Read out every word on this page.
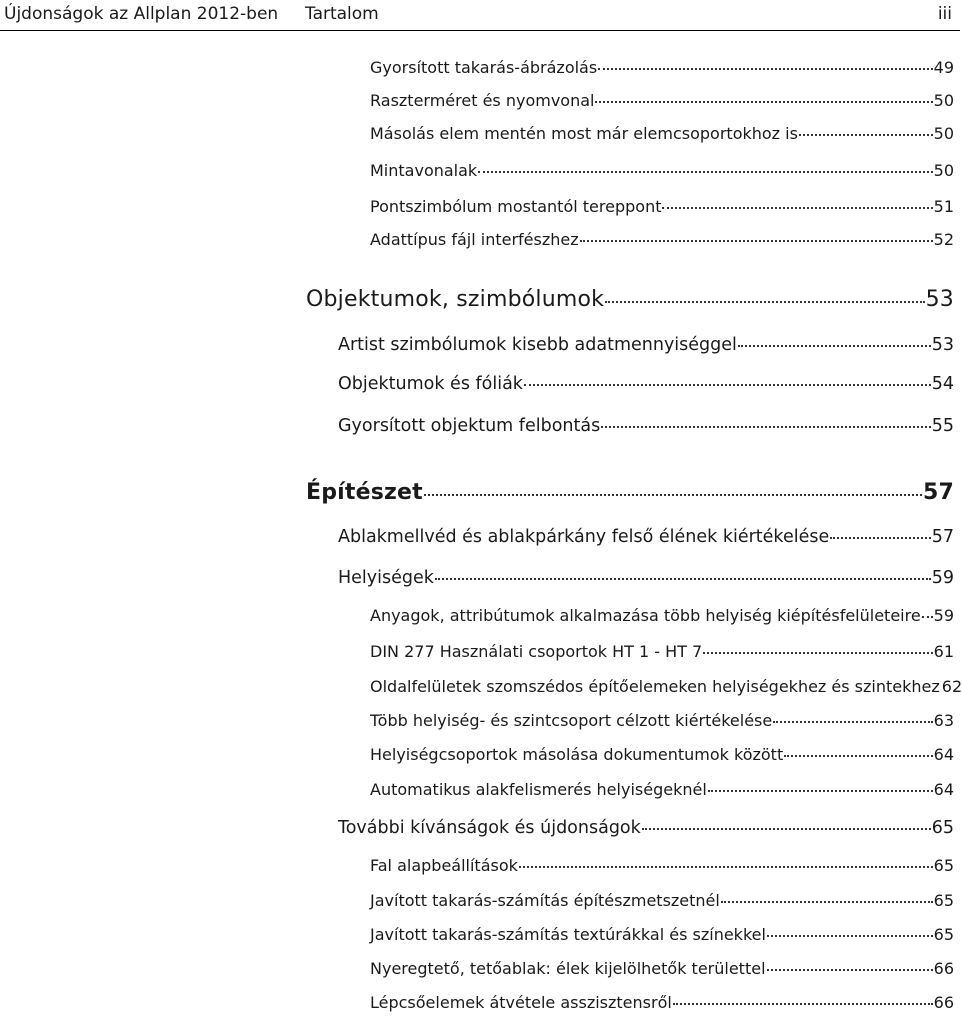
Újdonságok az Allplan 2012-ben Tartalom	iii
Gyorsított takarás-ábrázolás	49
Raszterméret és nyomvonal	50
Másolás elem mentén most már elemcsoportokhoz is	50
Mintavonalak	50
Pontszimbólum mostantól tereppont	51
Adattípus fájl interfészhez	52
Objektumok, szimbólumok	53
Artist szimbólumok kisebb adatmennyiséggel	53
Objektumok és fóliák	54
Gyorsított objektum felbontás	55
Építészet	57
Ablakmellvéd és ablakpárkány felső élének kiértékelése	57
Helyiségek	59
Anyagok, attribútumok alkalmazása több helyiség kiépítésfelületeire 59
DIN 277 Használati csoportok HT 1 - HT 7	61
Oldalfelületek szomszédos építőelemeken helyiségekhez és szintekhez 62
Több helyiség- és szintcsoport célzott kiértékelése	63
Helyiségcsoportok másolása dokumentumok között	64
Automatikus alakfelismerés helyiségeknél	64
További kívánságok és újdonságok	65
Fal alapbeállítások	65
Javított takarás-számítás építészmetszetnél	65
Javított takarás-számítás textúrákkal és színekkel	65
Nyeregtető, tetőablak: élek kijelölhetők területtel	66
Lépcsőelemek átvétele asszisztensről	66
